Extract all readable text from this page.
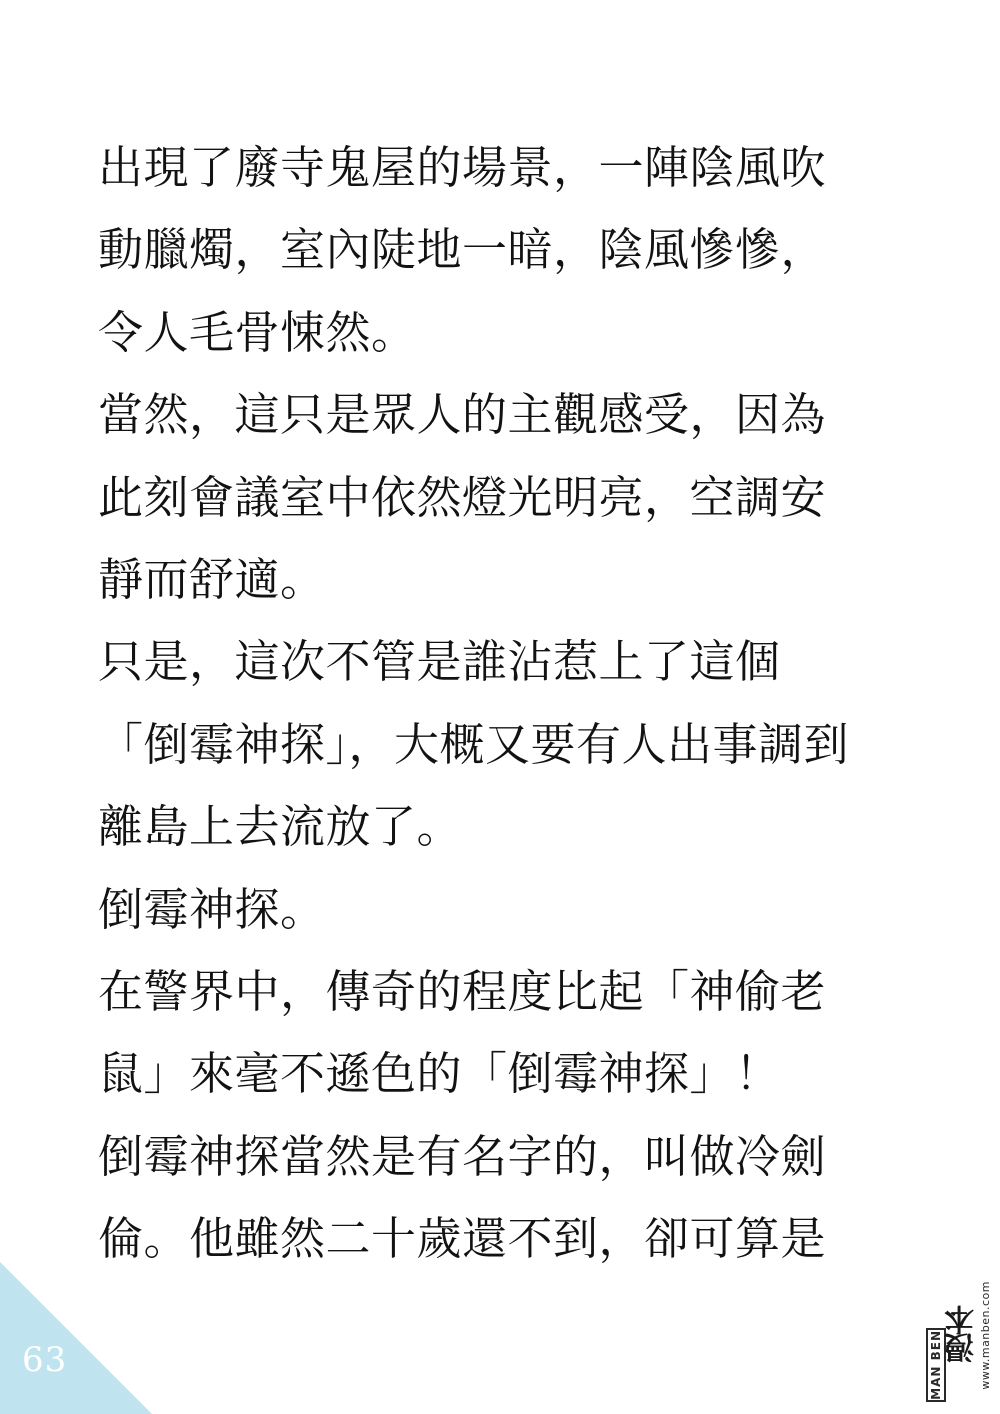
出現了廢寺鬼屋的場景，一陣陰風吹
動臘燭，室內陡地一暗，陰風慘慘，
令人毛骨悚然。
當然，這只是眾人的主觀感受，因為
此刻會議室中依然燈光明亮，空調安
靜而舒適。
只是，這次不管是誰沾惹上了這個
「倒霉神探」，大概又要有人出事調到
離島上去流放了。
倒霉神探。
在警界中，傳奇的程度比起「神偷老
鼠」來毫不遜色的「倒霉神探」！
倒霉神探當然是有名字的，叫做冷劍
倫。他雖然二十歲還不到，卻可算是
63	MAN BEN 漫本
www.manben.com
